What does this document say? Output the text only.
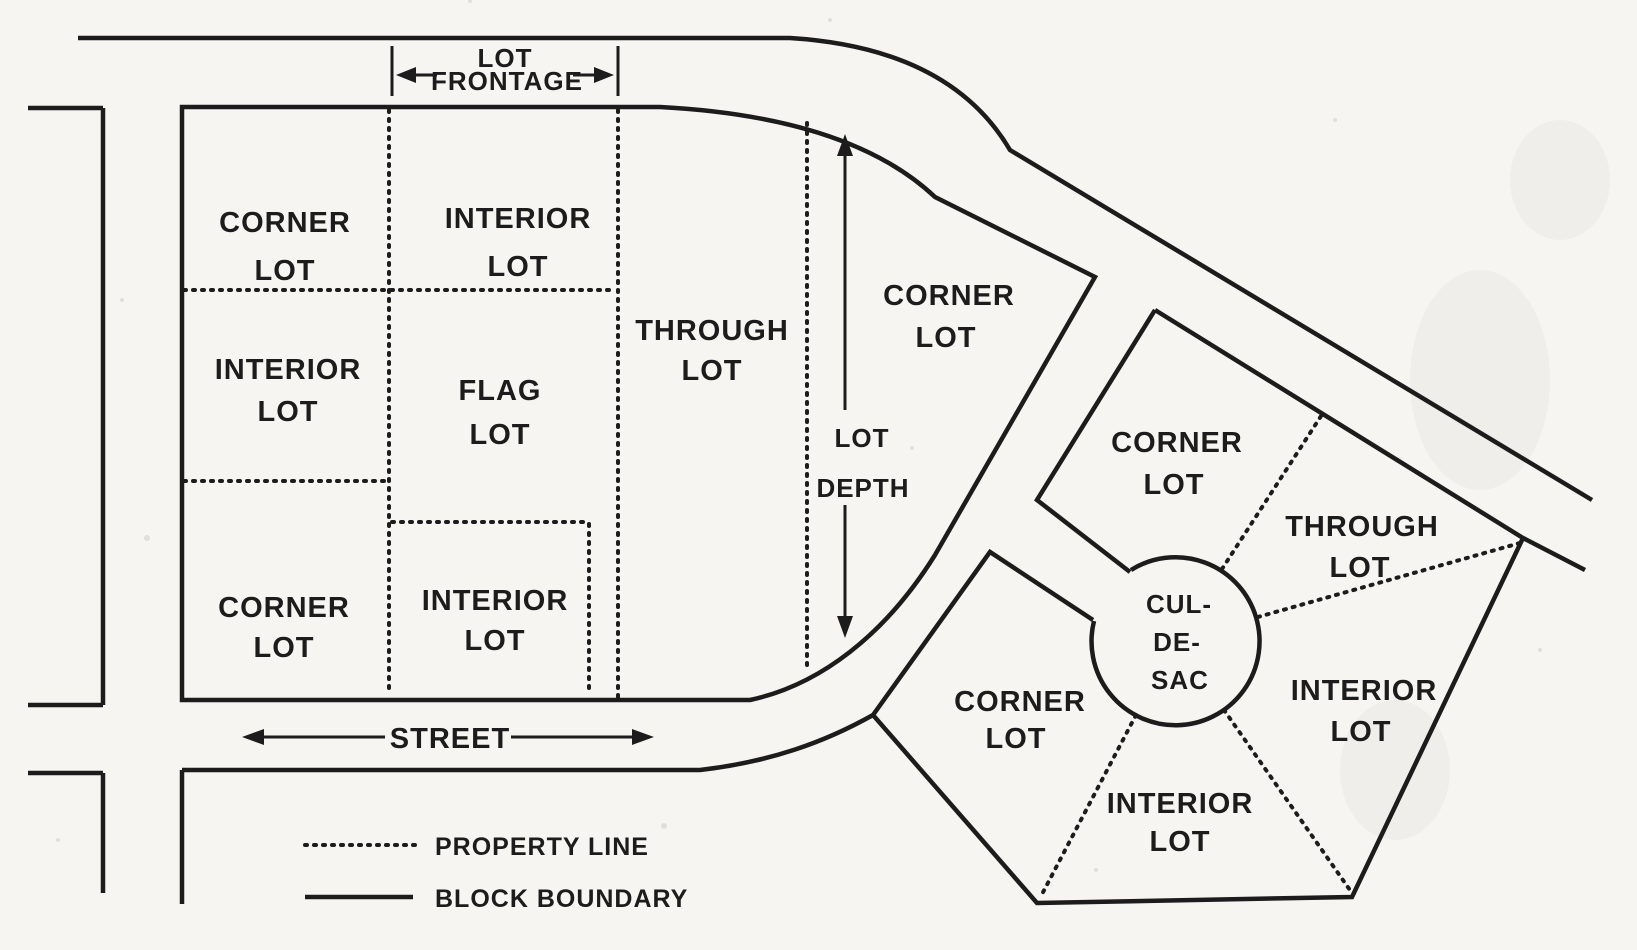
LOT
FRONTAGE
CORNER
LOT
INTERIOR
LOT
INTERIOR
LOT
FLAG
LOT
CORNER
LOT
INTERIOR
LOT
THROUGH
LOT
CORNER
LOT
LOT
DEPTH
CORNER
LOT
THROUGH
LOT
CUL-
DE-
SAC	INTERIOR
LOT
CORNER
LOT
INTERIOR
LOT
STREET
PROPERTY LINE
BLOCK BOUNDARY
